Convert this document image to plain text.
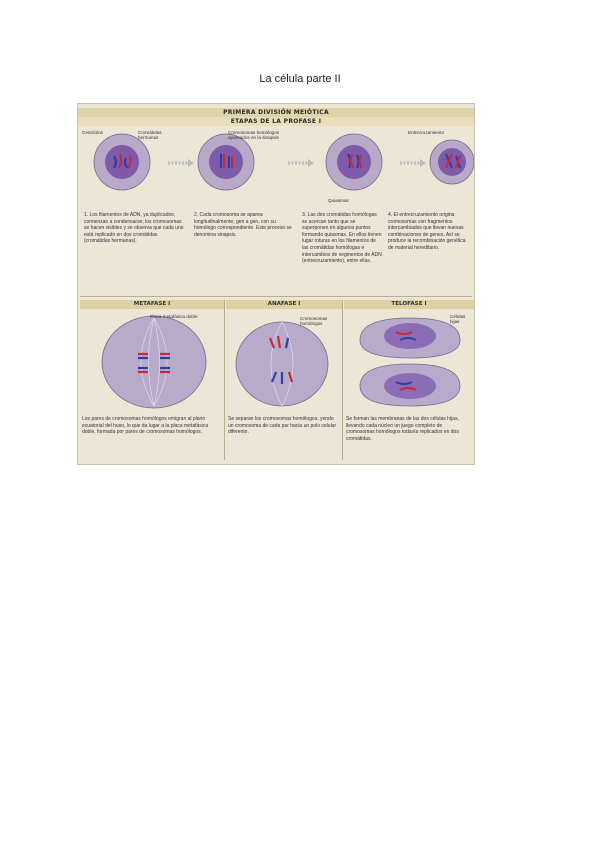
La célula parte II
PRIMERA DIVISIÓN MEIÓTICA
ETAPAS DE LA PROFASE I
Centríolos	Cromátidas hermanas
Cromosomas homólogos apareados en la sinapsis
Quiasmas
Entrecruzamiento
1. Los filamentos de ADN, ya duplicados, comienzan a condensarse; los cromosomas se hacen visibles y se observa que cada uno está replicado en dos cromátidas (cromátidas hermanas).
2. Cada cromosoma se aparea longitudinalmente, gen a gen, con su homólogo correspondiente. Este proceso se denomina sinapsis.
3. Las dos cromátidas homólogas se acercan tanto que se superponen en algunos puntos formando quiasmas. En ellos tienen lugar roturas en los filamentos de las cromátidas homólogas e intercambios de segmentos de ADN (entrecruzamiento), entre ellas.
4. El entrecruzamiento origina cromosomas con fragmentos intercambiados que llevan nuevas combinaciones de genes. Así se produce la recombinación genética de material hereditario.
METAFASE I	ANAFASE I	TELOFASE I
Placa metafásica doble
Los pares de cromosomas homólogos emigran al plano ecuatorial del huso, lo que da lugar a la placa metafásica doble, formada por pares de cromosomas homólogos.
Cromosomas homólogos
Se separan los cromosomas homólogos, yendo un cromosoma de cada par hacia un polo celular diferente.
Células hijas
Se forman las membranas de las dos células hijas, llevando cada núcleo un juego completo de cromosomas homólogos todavía replicados en dos cromátidas.
